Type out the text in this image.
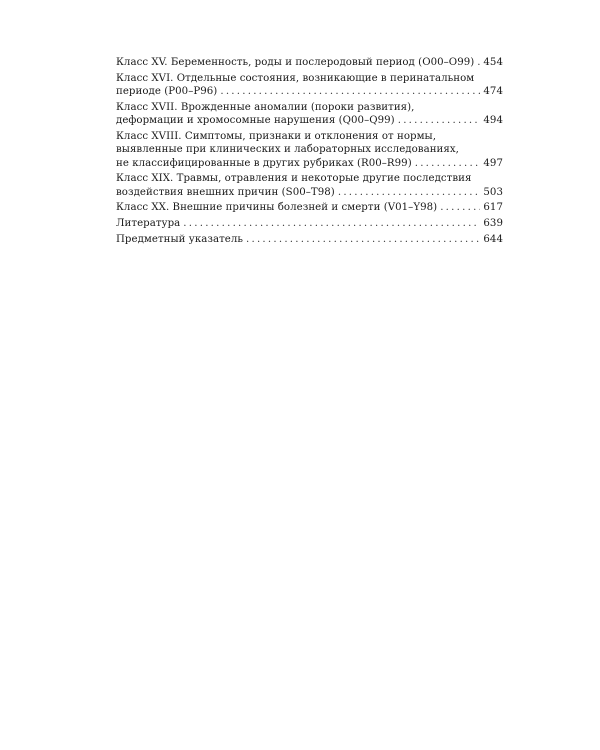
Класс XV. Беременность, роды и послеродовый период (O00–O99) . . . 454
Класс XVI. Отдельные состояния, возникающие в перинатальном
периоде (P00–P96) . . .	474
Класс XVII. Врожденные аномалии (пороки развития),
деформации и хромосомные нарушения (Q00–Q99) . . .	494
Класс XVIII. Симптомы, признаки и отклонения от нормы,
выявленные при клинических и лабораторных исследованиях,
не классифицированные в других рубриках (R00–R99) . . .	497
Класс XIX. Травмы, отравления и некоторые другие последствия
воздействия внешних причин (S00–T98) . . .	503
Класс XX. Внешние причины болезней и смерти (V01–Y98) . . .	617
Литература . . .	639
Предметный указатель . . .	644
